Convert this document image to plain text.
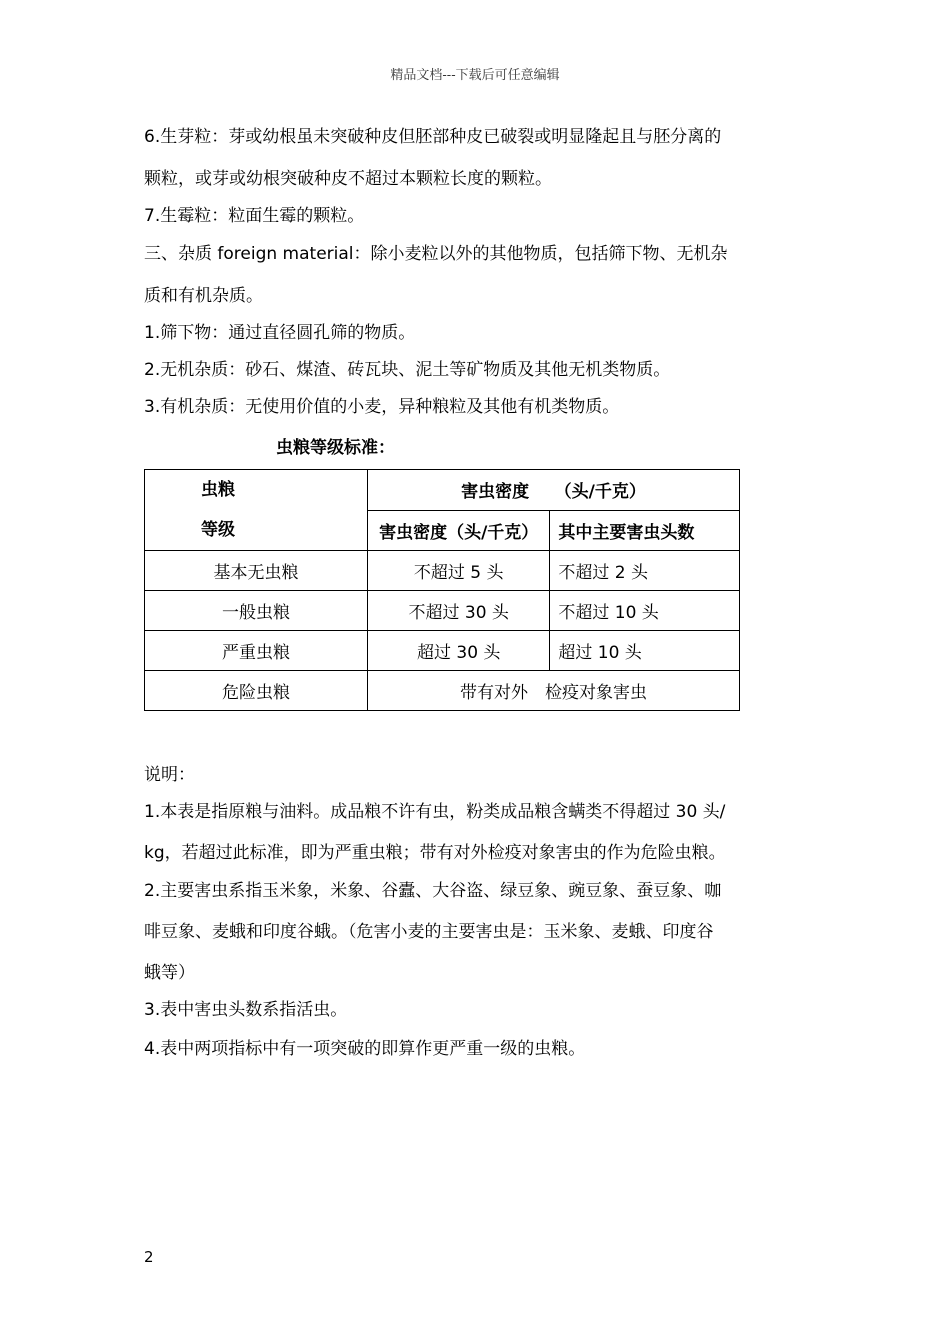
精品文档---下载后可任意编辑
6.生芽粒：芽或幼根虽未突破种皮但胚部种皮已破裂或明显隆起且与胚分离的
颗粒，或芽或幼根突破种皮不超过本颗粒长度的颗粒。
7.生霉粒：粒面生霉的颗粒。
三、杂质 foreign material：除小麦粒以外的其他物质，包括筛下物、无机杂
质和有机杂质。
1.筛下物：通过直径圆孔筛的物质。
2.无机杂质：砂石、煤渣、砖瓦块、泥土等矿物质及其他无机类物质。
3.有机杂质：无使用价值的小麦，异种粮粒及其他有机类物质。
虫粮等级标准：
虫粮
等级	害虫密度　　（头/千克）	
	害虫密度（头/千克）	其中主要害虫头数
基本无虫粮	不超过 5 头	不超过 2 头
一般虫粮	不超过 30 头	不超过 10 头
严重虫粮	超过 30 头	超过 10 头
危险虫粮	带有对外　检疫对象害虫	
说明：
1.本表是指原粮与油料。成品粮不许有虫，粉类成品粮含螨类不得超过 30 头/
kg，若超过此标准，即为严重虫粮；带有对外检疫对象害虫的作为危险虫粮。
2.主要害虫系指玉米象，米象、谷蠹、大谷盗、绿豆象、豌豆象、蚕豆象、咖
啡豆象、麦蛾和印度谷蛾。（危害小麦的主要害虫是：玉米象、麦蛾、印度谷
蛾等）
3.表中害虫头数系指活虫。
4.表中两项指标中有一项突破的即算作更严重一级的虫粮。
2
